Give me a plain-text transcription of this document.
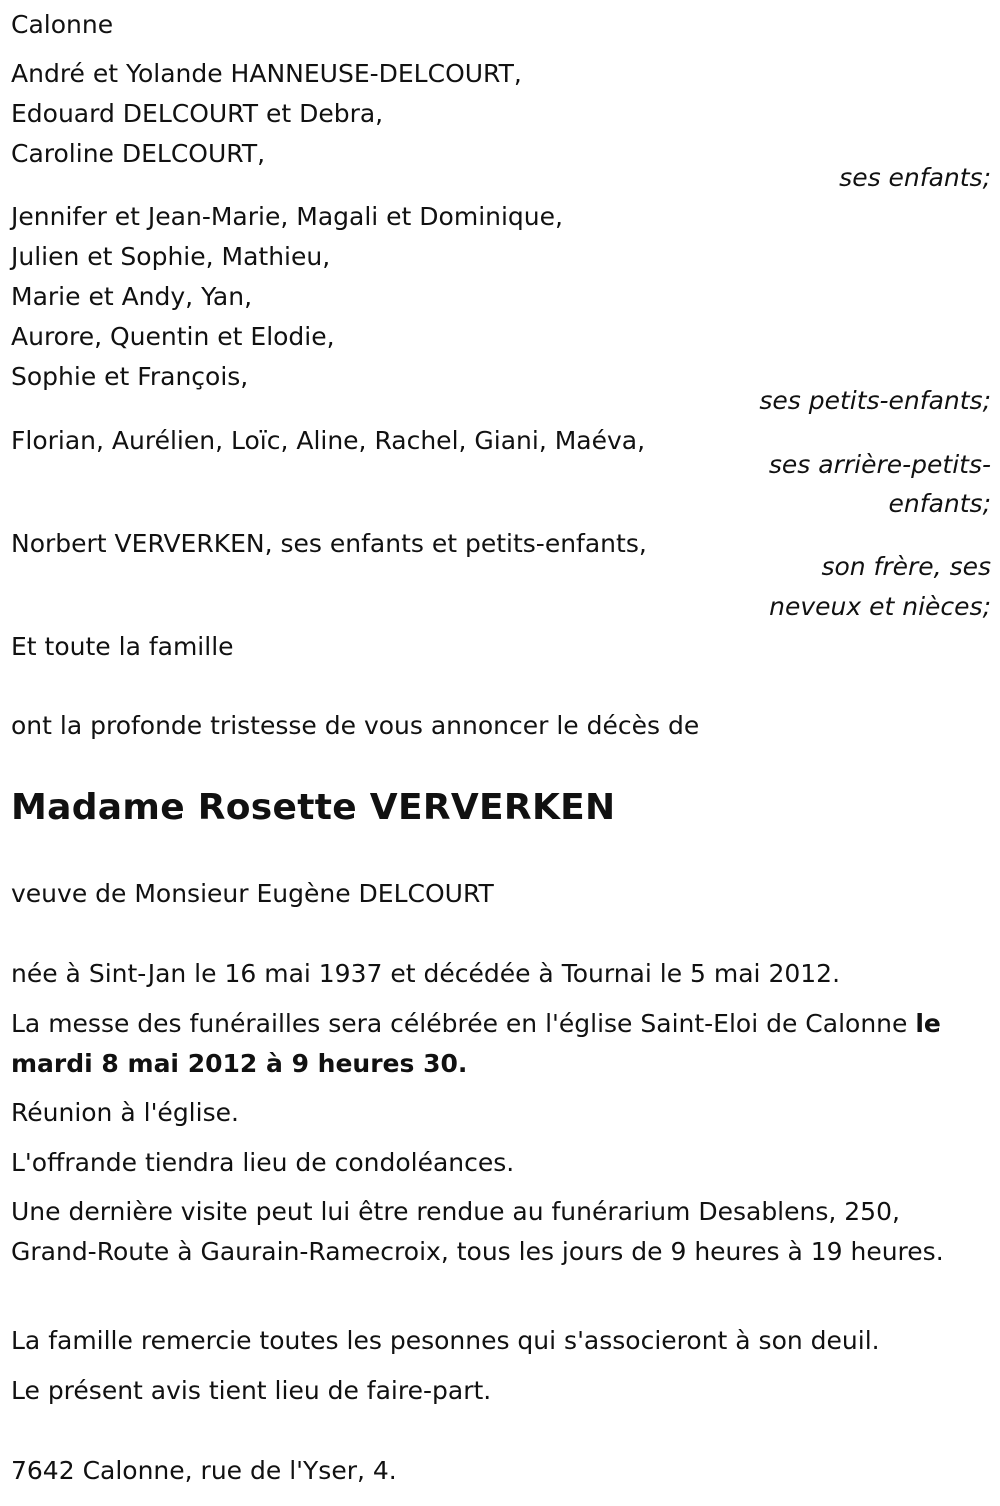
Calonne
André et Yolande HANNEUSE-DELCOURT,
Edouard DELCOURT et Debra,
Caroline DELCOURT,
ses enfants;
Jennifer et Jean-Marie, Magali et Dominique,
Julien et Sophie, Mathieu,
Marie et Andy, Yan,
Aurore, Quentin et Elodie,
Sophie et François,
ses petits-enfants;
Florian, Aurélien, Loïc, Aline, Rachel, Giani, Maéva,
ses arrière-petits-
enfants;
Norbert VERVERKEN, ses enfants et petits-enfants,
son frère, ses
neveux et nièces;
Et toute la famille
ont la profonde tristesse de vous annoncer le décès de
Madame Rosette VERVERKEN
veuve de Monsieur Eugène DELCOURT
née à Sint-Jan le 16 mai 1937 et décédée à Tournai le 5 mai 2012.
La messe des funérailles sera célébrée en l'église Saint-Eloi de Calonne le mardi 8 mai 2012 à 9 heures 30.
Réunion à l'église.
L'offrande tiendra lieu de condoléances.
Une dernière visite peut lui être rendue au funérarium Desablens, 250, Grand-Route à Gaurain-Ramecroix, tous les jours de 9 heures à 19 heures.
La famille remercie toutes les pesonnes qui s'associeront à son deuil.
Le présent avis tient lieu de faire-part.
7642 Calonne, rue de l'Yser, 4.
